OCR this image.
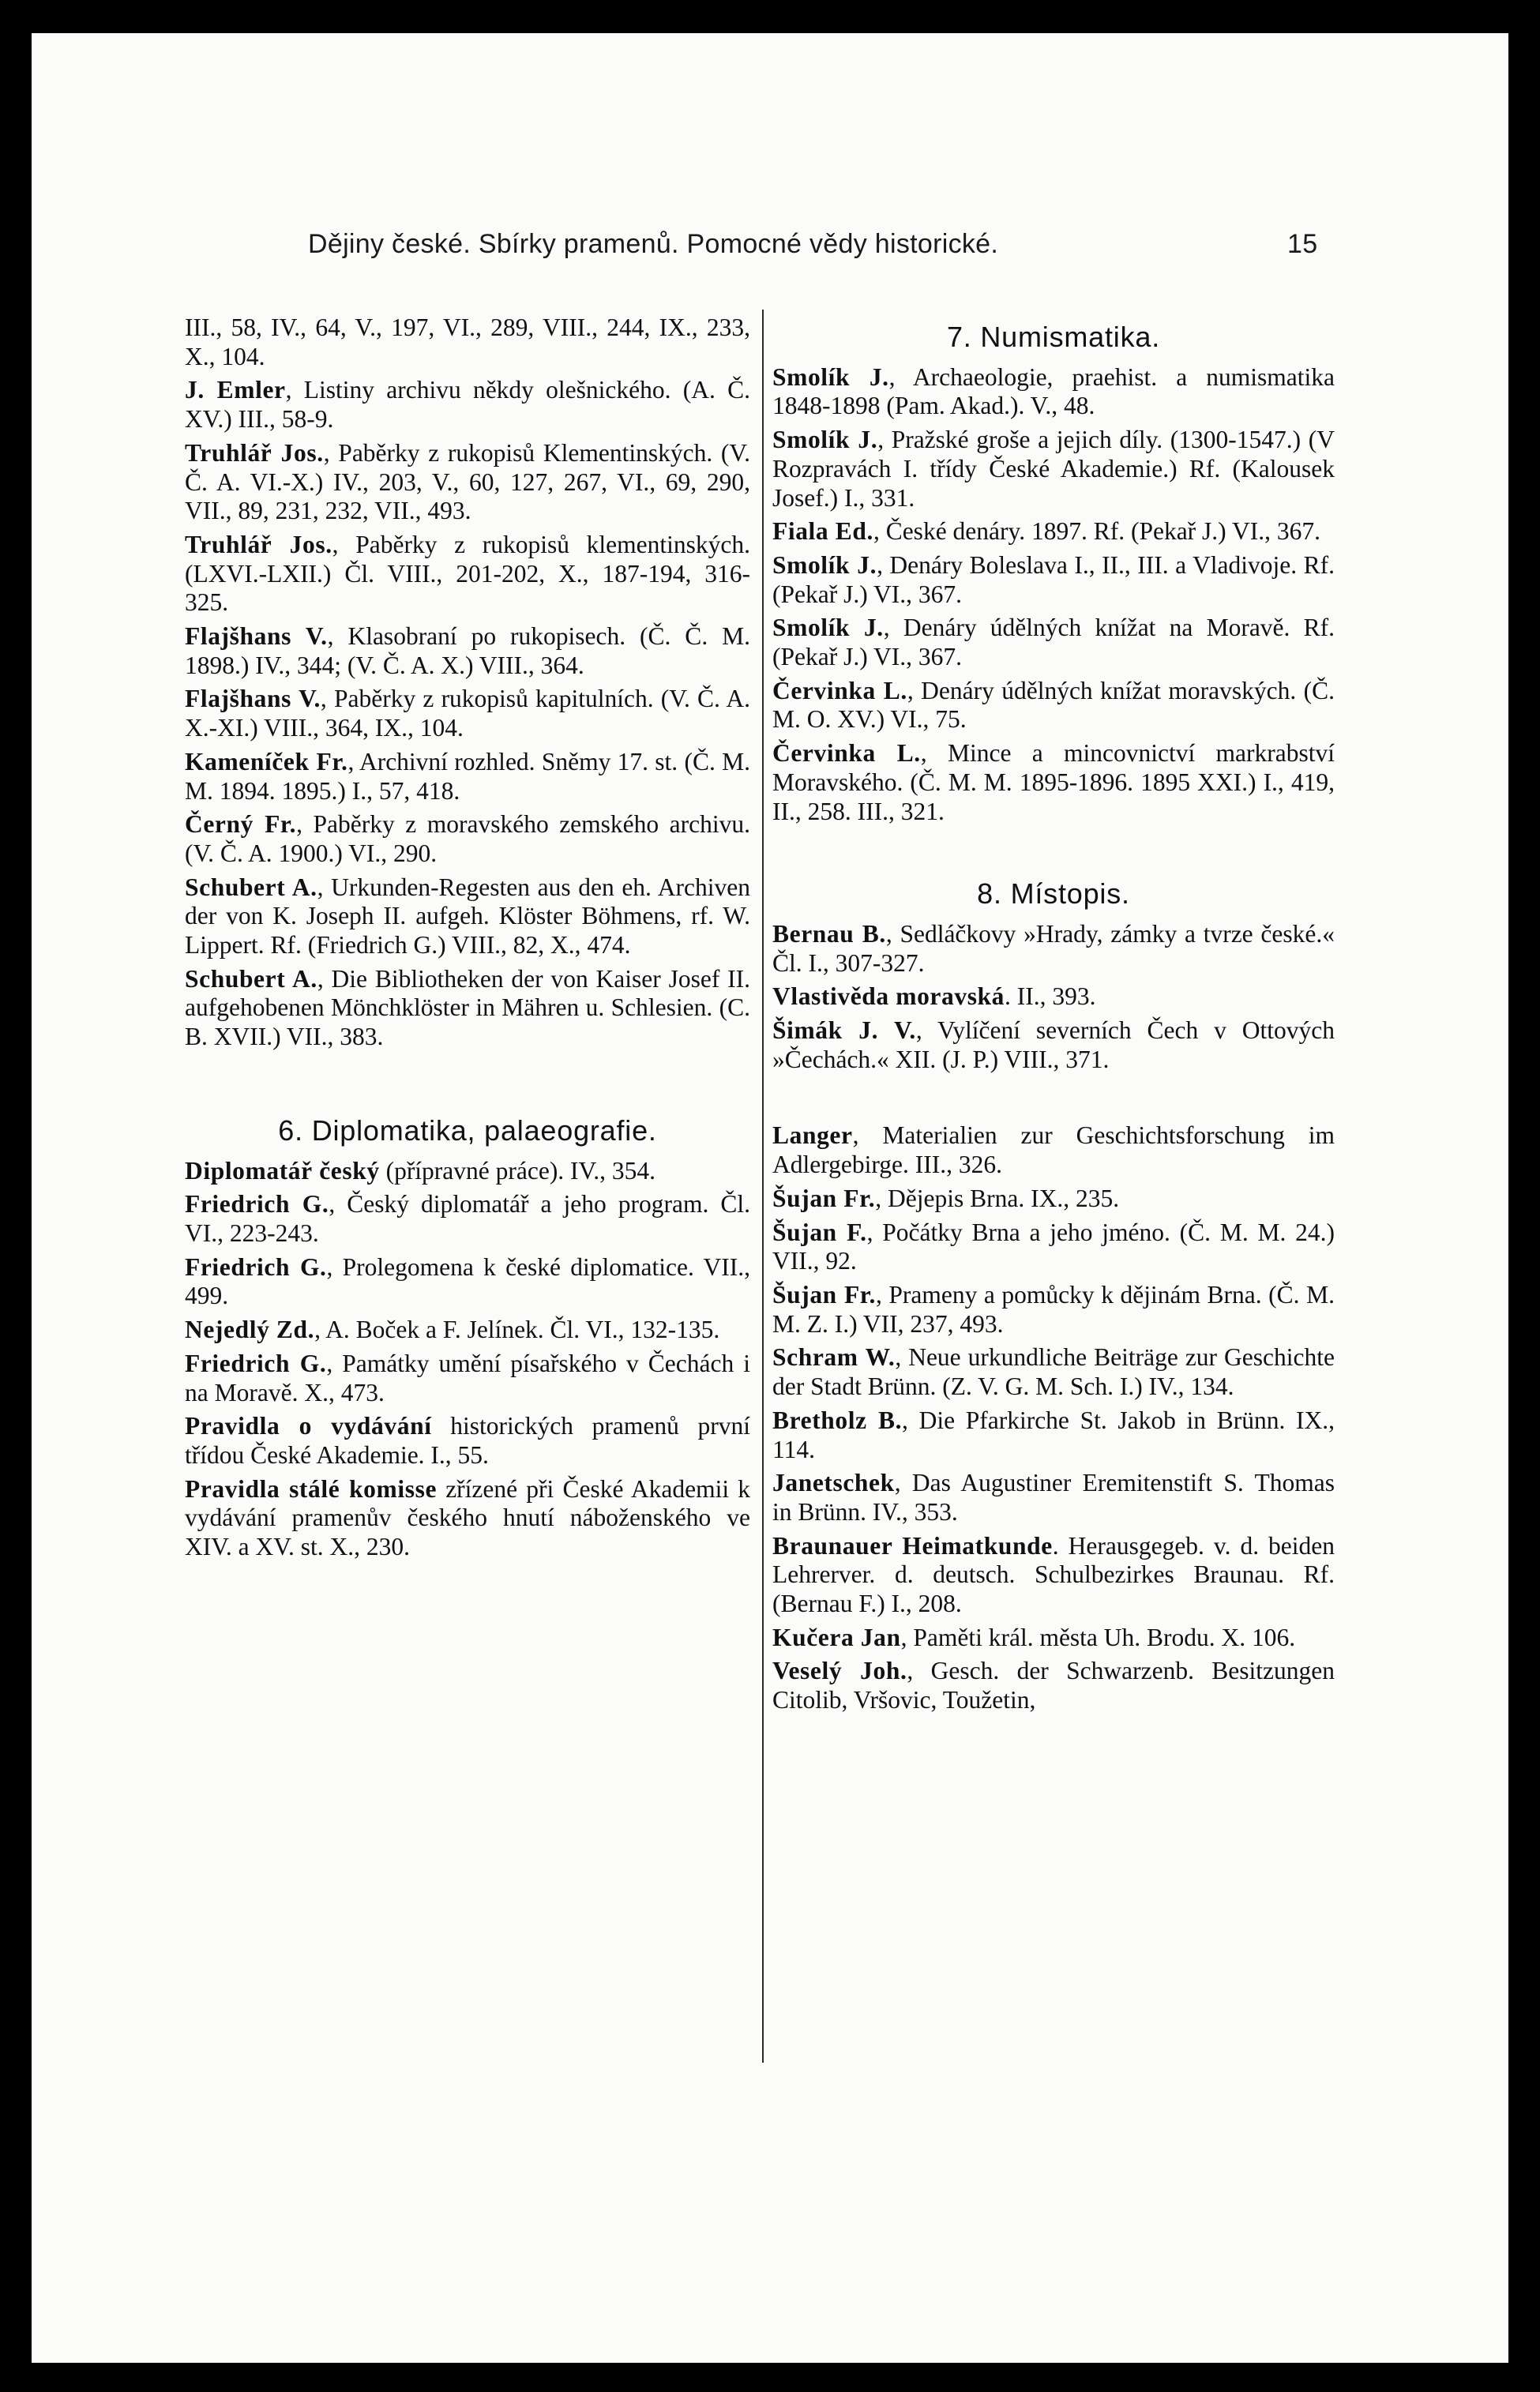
Dějiny české. Sbírky pramenů. Pomocné vědy historické.	15

III., 58, IV., 64, V., 197, VI., 289, VIII., 244, IX., 233, X., 104.

J. Emler, Listiny archivu někdy olešnického. (A. Č. XV.) III., 58-9.

Truhlář Jos., Paběrky z rukopisů Klementinských. (V. Č. A. VI.-X.) IV., 203, V., 60, 127, 267, VI., 69, 290, VII., 89, 231, 232, VII., 493.

Truhlář Jos., Paběrky z rukopisů klementinských. (LXVI.-LXII.) Čl. VIII., 201-202, X., 187-194, 316-325.

Flajšhans V., Klasobraní po rukopisech. (Č. Č. M. 1898.) IV., 344; (V. Č. A. X.) VIII., 364.

Flajšhans V., Paběrky z rukopisů kapitulních. (V. Č. A. X.-XI.) VIII., 364, IX., 104.

Kameníček Fr., Archivní rozhled. Sněmy 17. st. (Č. M. M. 1894. 1895.) I., 57, 418.

Černý Fr., Paběrky z moravského zemského archivu. (V. Č. A. 1900.) VI., 290.

Schubert A., Urkunden-Regesten aus den eh. Archiven der von K. Joseph II. aufgeh. Klöster Böhmens, rf. W. Lippert. Rf. (Friedrich G.) VIII., 82, X., 474.

Schubert A., Die Bibliotheken der von Kaiser Josef II. aufgehobenen Mönchklöster in Mähren u. Schlesien. (C. B. XVII.) VII., 383.

6. Diplomatika, palaeografie.

Diplomatář český (přípravné práce). IV., 354.

Friedrich G., Český diplomatář a jeho program. Čl. VI., 223-243.

Friedrich G., Prolegomena k české diplomatice. VII., 499.

Nejedlý Zd., A. Boček a F. Jelínek. Čl. VI., 132-135.

Friedrich G., Památky umění písařského v Čechách i na Moravě. X., 473.

Pravidla o vydávání historických pramenů první třídou České Akademie. I., 55.

Pravidla stálé komisse zřízené při České Akademii k vydávání pramenův českého hnutí náboženského ve XIV. a XV. st. X., 230.

7. Numismatika.

Smolík J., Archaeologie, praehist. a numismatika 1848-1898 (Pam. Akad.). V., 48.

Smolík J., Pražské groše a jejich díly. (1300-1547.) (V Rozpravách I. třídy České Akademie.) Rf. (Kalousek Josef.) I., 331.

Fiala Ed., České denáry. 1897. Rf. (Pekař J.) VI., 367.

Smolík J., Denáry Boleslava I., II., III. a Vladivoje. Rf. (Pekař J.) VI., 367.

Smolík J., Denáry údělných knížat na Moravě. Rf. (Pekař J.) VI., 367.

Červinka L., Denáry údělných knížat moravských. (Č. M. O. XV.) VI., 75.

Červinka L., Mince a mincovnictví markrabství Moravského. (Č. M. M. 1895-1896. 1895 XXI.) I., 419, II., 258. III., 321.

8. Místopis.

Bernau B., Sedláčkovy »Hrady, zámky a tvrze české.« Čl. I., 307-327.

Vlastivěda moravská. II., 393.

Šimák J. V., Vylíčení severních Čech v Ottových »Čechách.« XII. (J. P.) VIII., 371.

Langer, Materialien zur Geschichtsforschung im Adlergebirge. III., 326.

Šujan Fr., Dějepis Brna. IX., 235.

Šujan F., Počátky Brna a jeho jméno. (Č. M. M. 24.) VII., 92.

Šujan Fr., Prameny a pomůcky k dějinám Brna. (Č. M. M. Z. I.) VII, 237, 493.

Schram W., Neue urkundliche Beiträge zur Geschichte der Stadt Brünn. (Z. V. G. M. Sch. I.) IV., 134.

Bretholz B., Die Pfarkirche St. Jakob in Brünn. IX., 114.

Janetschek, Das Augustiner Eremitenstift S. Thomas in Brünn. IV., 353.

Braunauer Heimatkunde. Herausgegeb. v. d. beiden Lehrerver. d. deutsch. Schulbezirkes Braunau. Rf. (Bernau F.) I., 208.

Kučera Jan, Paměti král. města Uh. Brodu. X. 106.

Veselý Joh., Gesch. der Schwarzenb. Besitzungen Citolib, Vršovic, Toužetin,
